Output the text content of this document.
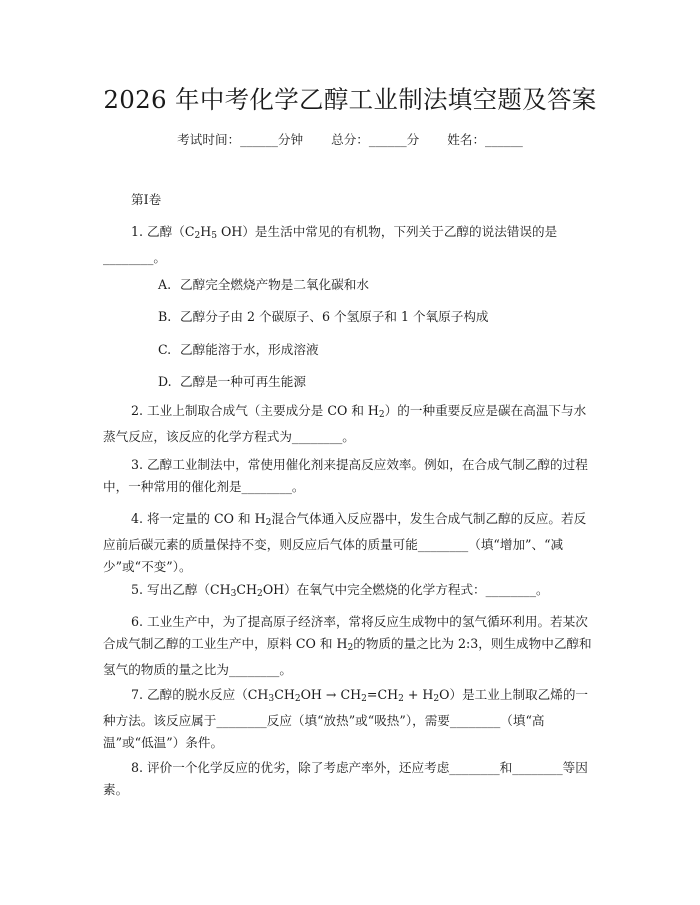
2026 年中考化学乙醇工业制法填空题及答案
考试时间：______分钟 总分：______分 姓名：______
第Ⅰ卷
1. 乙醇（$C_2H_5$ OH）是生活中常见的有机物，下列关于乙醇的说法错误的是________。
A. 乙醇完全燃烧产物是二氧化碳和水
B. 乙醇分子由 2 个碳原子、6 个氢原子和 1 个氧原子构成
C. 乙醇能溶于水，形成溶液
D. 乙醇是一种可再生能源
2. 工业上制取合成气（主要成分是 CO 和 $H_2$）的一种重要反应是碳在高温下与水蒸气反应，该反应的化学方程式为________。
3. 乙醇工业制法中，常使用催化剂来提高反应效率。例如，在合成气制乙醇的过程中，一种常用的催化剂是________。
4. 将一定量的 CO 和 $H_2$混合气体通入反应器中，发生合成气制乙醇的反应。若反应前后碳元素的质量保持不变，则反应后气体的质量可能________（填“增加”、“减少”或“不变”）。
5. 写出乙醇$(CH_3CH_2OH)$在氧气中完全燃烧的化学方程式：________。
6. 工业生产中，为了提高原子经济率，常将反应生成物中的氢气循环利用。若某次合成气制乙醇的工业生产中，原料 CO 和 $H_2$的物质的量之比为 2:3，则生成物中乙醇和氢气的物质的量之比为________。
7. 乙醇的脱水反应$(CH_3CH_2OH \to CH_2=CH_2 + H_2O)$是工业上制取乙烯的一种方法。该反应属于________反应（填“放热”或“吸热”），需要________（填“高温”或“低温”）条件。
8. 评价一个化学反应的优劣，除了考虑产率外，还应考虑________和________等因素。
